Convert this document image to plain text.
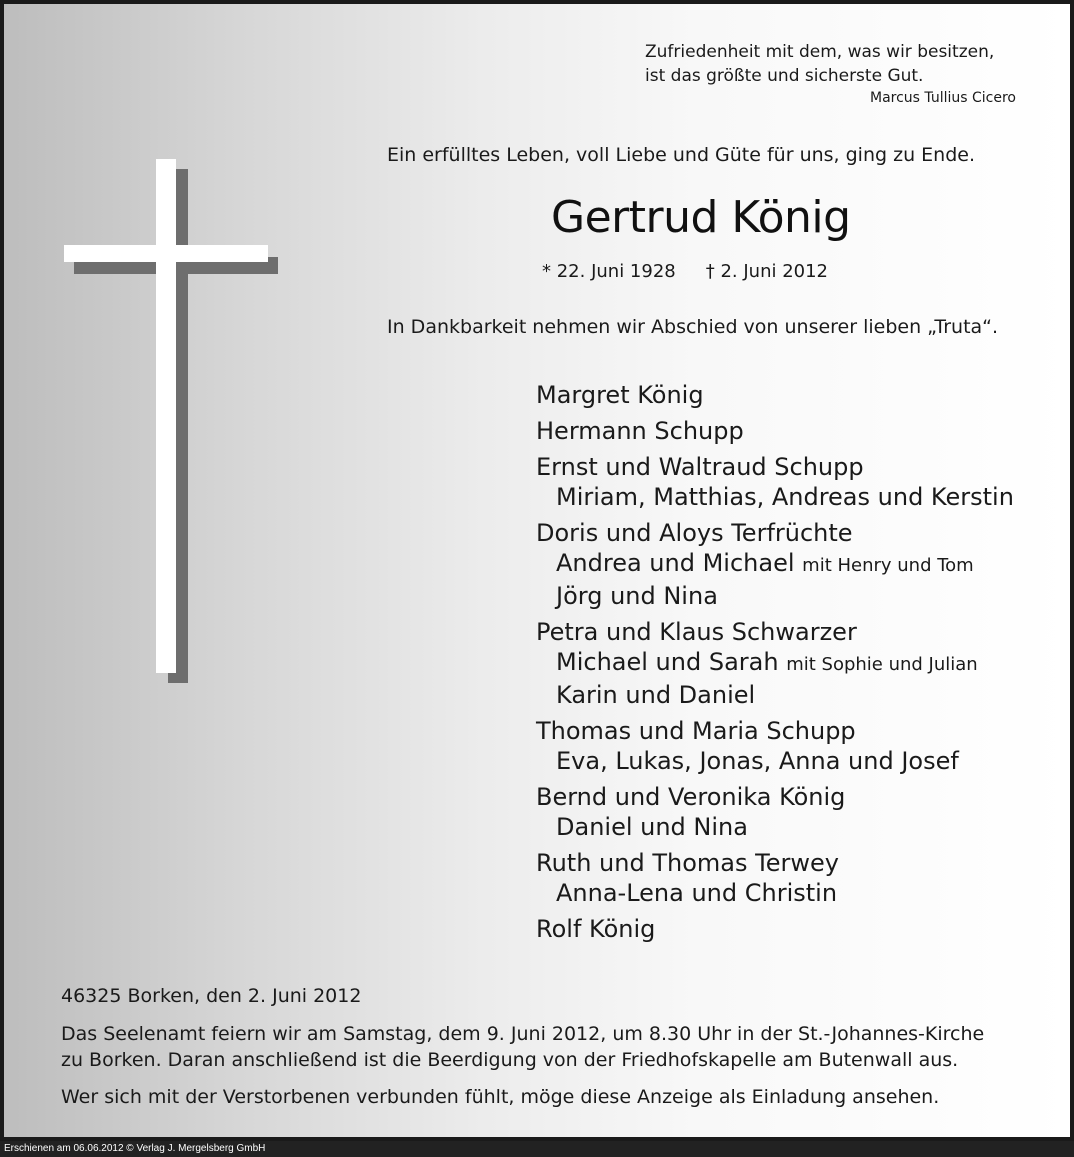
Zufriedenheit mit dem, was wir besitzen,
ist das größte und sicherste Gut.
Marcus Tullius Cicero
Ein erfülltes Leben, voll Liebe und Güte für uns, ging zu Ende.
Gertrud König
* 22. Juni 1928 † 2. Juni 2012
In Dankbarkeit nehmen wir Abschied von unserer lieben „Truta“.
Margret König
Hermann Schupp
Ernst und Waltraud Schupp
Miriam, Matthias, Andreas und Kerstin
Doris und Aloys Terfrüchte
Andrea und Michael mit Henry und Tom
Jörg und Nina
Petra und Klaus Schwarzer
Michael und Sarah mit Sophie und Julian
Karin und Daniel
Thomas und Maria Schupp
Eva, Lukas, Jonas, Anna und Josef
Bernd und Veronika König
Daniel und Nina
Ruth und Thomas Terwey
Anna-Lena und Christin
Rolf König
46325 Borken, den 2. Juni 2012
Das Seelenamt feiern wir am Samstag, dem 9. Juni 2012, um 8.30 Uhr in der St.-Johannes-Kirche
zu Borken. Daran anschließend ist die Beerdigung von der Friedhofskapelle am Butenwall aus.
Wer sich mit der Verstorbenen verbunden fühlt, möge diese Anzeige als Einladung ansehen.
Erschienen am 06.06.2012 © Verlag J. Mergelsberg GmbH
